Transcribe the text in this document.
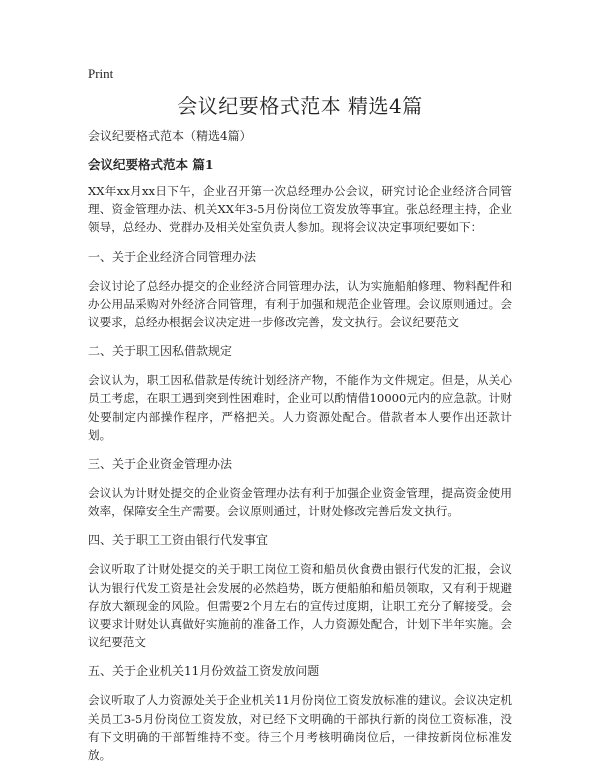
Print
会议纪要格式范本 精选4篇

会议纪要格式范本（精选4篇）

会议纪要格式范本 篇1

XX年xx月xx日下午，企业召开第一次总经理办公会议，研究讨论企业经济合同管理、资金管理办法、机关XX年3-5月份岗位工资发放等事宜。张总经理主持，企业领导，总经办、党群办及相关处室负责人参加。现将会议决定事项纪要如下：

一、关于企业经济合同管理办法

会议讨论了总经办提交的企业经济合同管理办法，认为实施船舶修理、物料配件和办公用品采购对外经济合同管理，有利于加强和规范企业管理。会议原则通过。会议要求，总经办根据会议决定进一步修改完善，发文执行。会议纪要范文

二、关于职工因私借款规定

会议认为，职工因私借款是传统计划经济产物，不能作为文件规定。但是，从关心员工考虑，在职工遇到突到性困难时，企业可以酌情借10000元内的应急款。计财处要制定内部操作程序，严格把关。人力资源处配合。借款者本人要作出还款计划。

三、关于企业资金管理办法

会议认为计财处提交的企业资金管理办法有利于加强企业资金管理，提高资金使用效率，保障安全生产需要。会议原则通过，计财处修改完善后发文执行。

四、关于职工工资由银行代发事宜

会议听取了计财处提交的关于职工岗位工资和船员伙食费由银行代发的汇报，会议认为银行代发工资是社会发展的必然趋势，既方便船舶和船员领取，又有利于规避存放大额现金的风险。但需要2个月左右的宣传过度期，让职工充分了解接受。会议要求计财处认真做好实施前的准备工作，人力资源处配合，计划下半年实施。会议纪要范文

五、关于企业机关11月份效益工资发放问题

会议听取了人力资源处关于企业机关11月份岗位工资发放标准的建议。会议决定机关员工3-5月份岗位工资发放，对已经下文明确的干部执行新的岗位工资标准，没有下文明确的干部暂维持不变。待三个月考核明确岗位后，一律按新岗位标准发放。
